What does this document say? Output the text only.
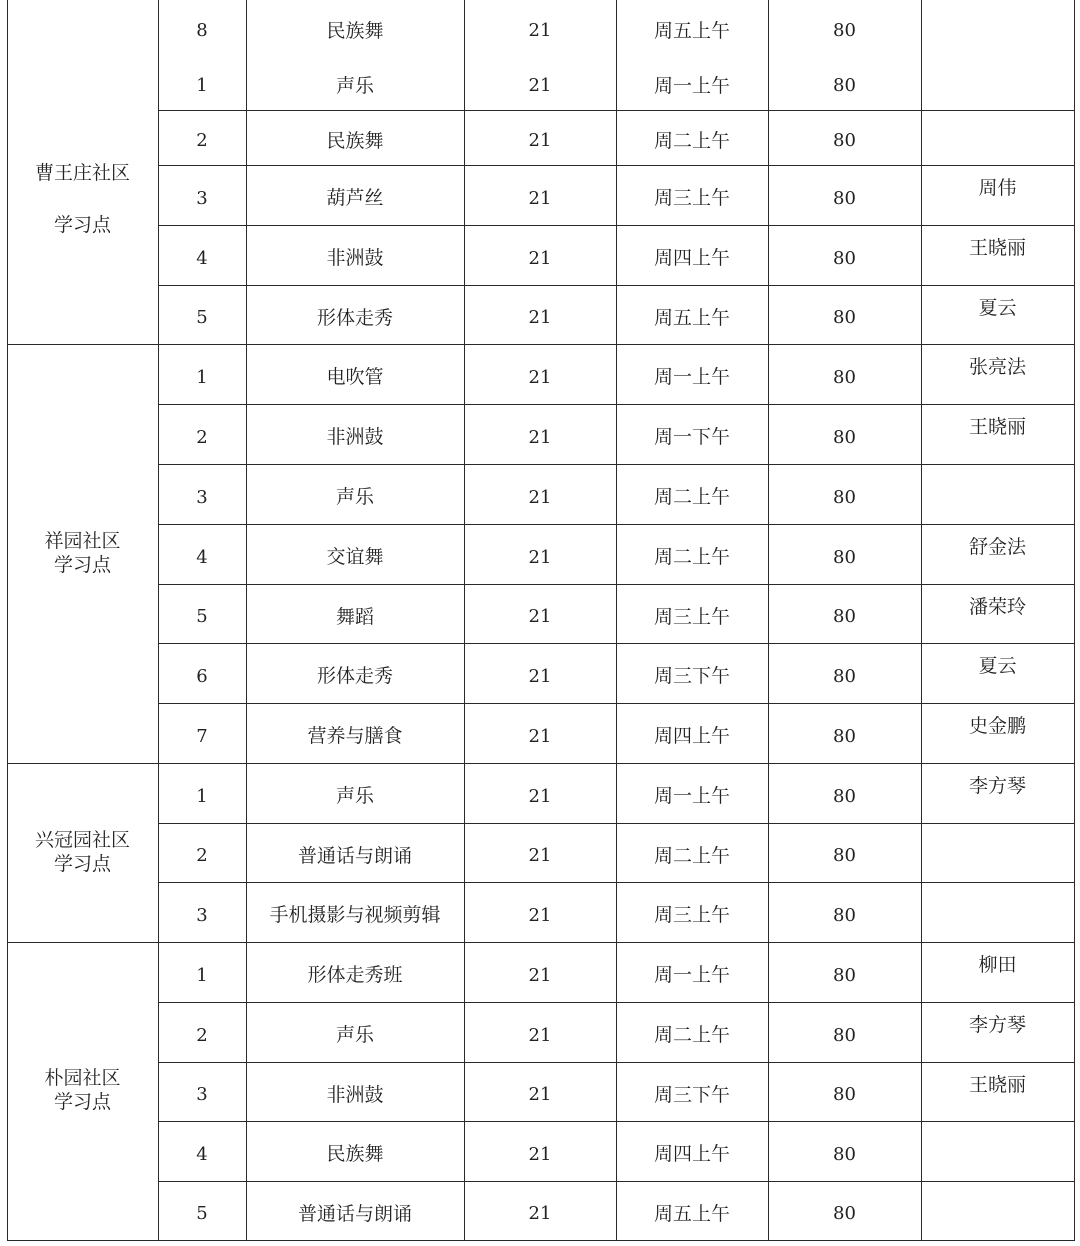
8	民族舞	21	周五上午	80
1	声乐	21	周一上午	80
2	民族舞	21	周二上午	80
3	葫芦丝	21	周三上午	80	周伟
4	非洲鼓	21	周四上午	80	王晓丽
5	形体走秀	21	周五上午	80	夏云
曹王庄社区
学习点
1	电吹管	21	周一上午	80	张亮法
2	非洲鼓	21	周一下午	80	王晓丽
3	声乐	21	周二上午	80
4	交谊舞	21	周二上午	80	舒金法
5	舞蹈	21	周三上午	80	潘荣玲
6	形体走秀	21	周三下午	80	夏云
7	营养与膳食	21	周四上午	80	史金鹏
祥园社区
学习点
1	声乐	21	周一上午	80	李方琴
2	普通话与朗诵	21	周二上午	80
3	手机摄影与视频剪辑	21	周三上午	80
兴冠园社区
学习点
1	形体走秀班	21	周一上午	80	柳田
2	声乐	21	周二上午	80	李方琴
3	非洲鼓	21	周三下午	80	王晓丽
4	民族舞	21	周四上午	80
5	普通话与朗诵	21	周五上午	80
朴园社区
学习点
